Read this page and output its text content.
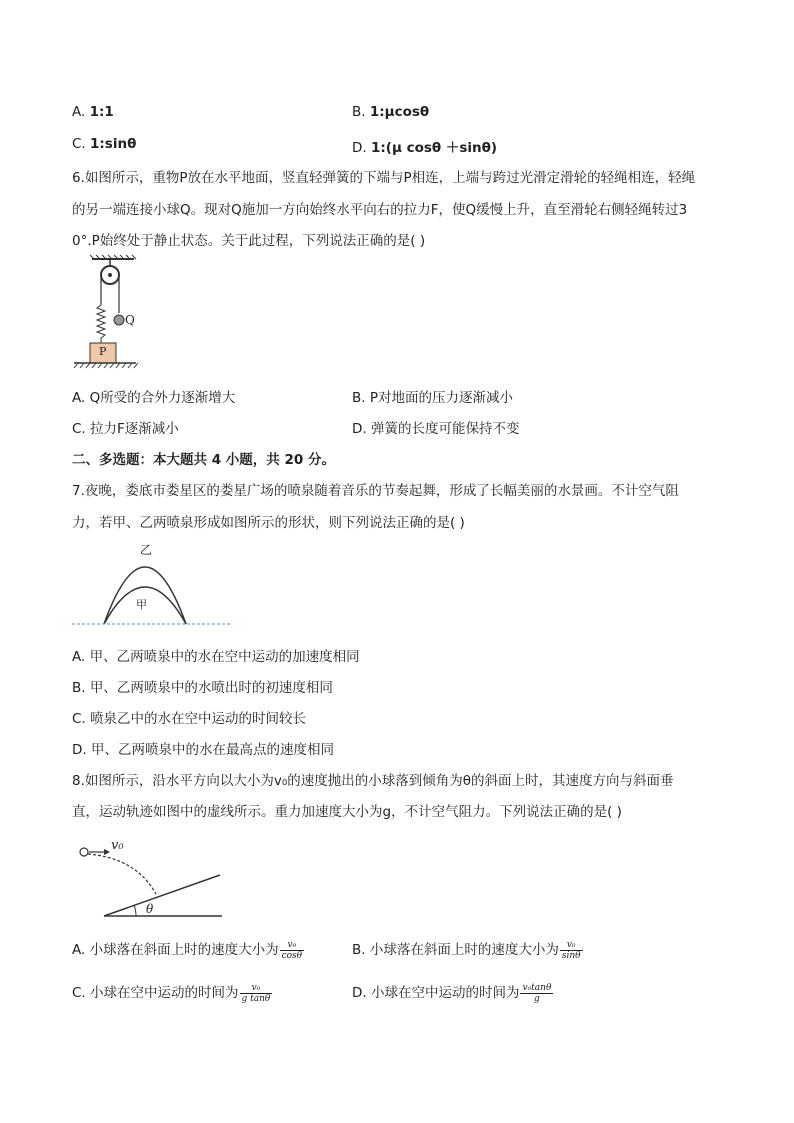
A. 1:1	B. 1:μcosθ
C. 1:sinθ	D. 1:(μ cosθ ＋sinθ)
6.如图所示，重物P放在水平地面，竖直轻弹簧的下端与P相连，上端与跨过光滑定滑轮的轻绳相连，轻绳
的另一端连接小球Q。现对Q施加一方向始终水平向右的拉力F，使Q缓慢上升，直至滑轮右侧轻绳转过3
0°.P始终处于静止状态。关于此过程，下列说法正确的是( )
Q
P
A. Q所受的合外力逐渐增大	B. P对地面的压力逐渐减小
C. 拉力F逐渐减小	D. 弹簧的长度可能保持不变
二、多选题：本大题共 4 小题，共 20 分。
7.夜晚，娄底市娄星区的娄星广场的喷泉随着音乐的节奏起舞，形成了长幅美丽的水景画。不计空气阻
力，若甲、乙两喷泉形成如图所示的形状，则下列说法正确的是( )
乙
甲
A. 甲、乙两喷泉中的水在空中运动的加速度相同
B. 甲、乙两喷泉中的水喷出时的初速度相同
C. 喷泉乙中的水在空中运动的时间较长
D. 甲、乙两喷泉中的水在最高点的速度相同
8.如图所示，沿水平方向以大小为v₀的速度抛出的小球落到倾角为θ的斜面上时，其速度方向与斜面垂
直，运动轨迹如图中的虚线所示。重力加速度大小为g，不计空气阻力。下列说法正确的是( )
v₀
θ
A. 小球落在斜面上时的速度大小为 $\frac{\text{v₀}}{\cos\theta}$	B. 小球落在斜面上时的速度大小为 $\frac{\text{v₀}}{\sin\theta}$
C. 小球在空中运动的时间为 $\frac{\text{v₀}}{\text{g tanθ}}$	D. 小球在空中运动的时间为 $\frac{\text{v₀tanθ}}{g}$
